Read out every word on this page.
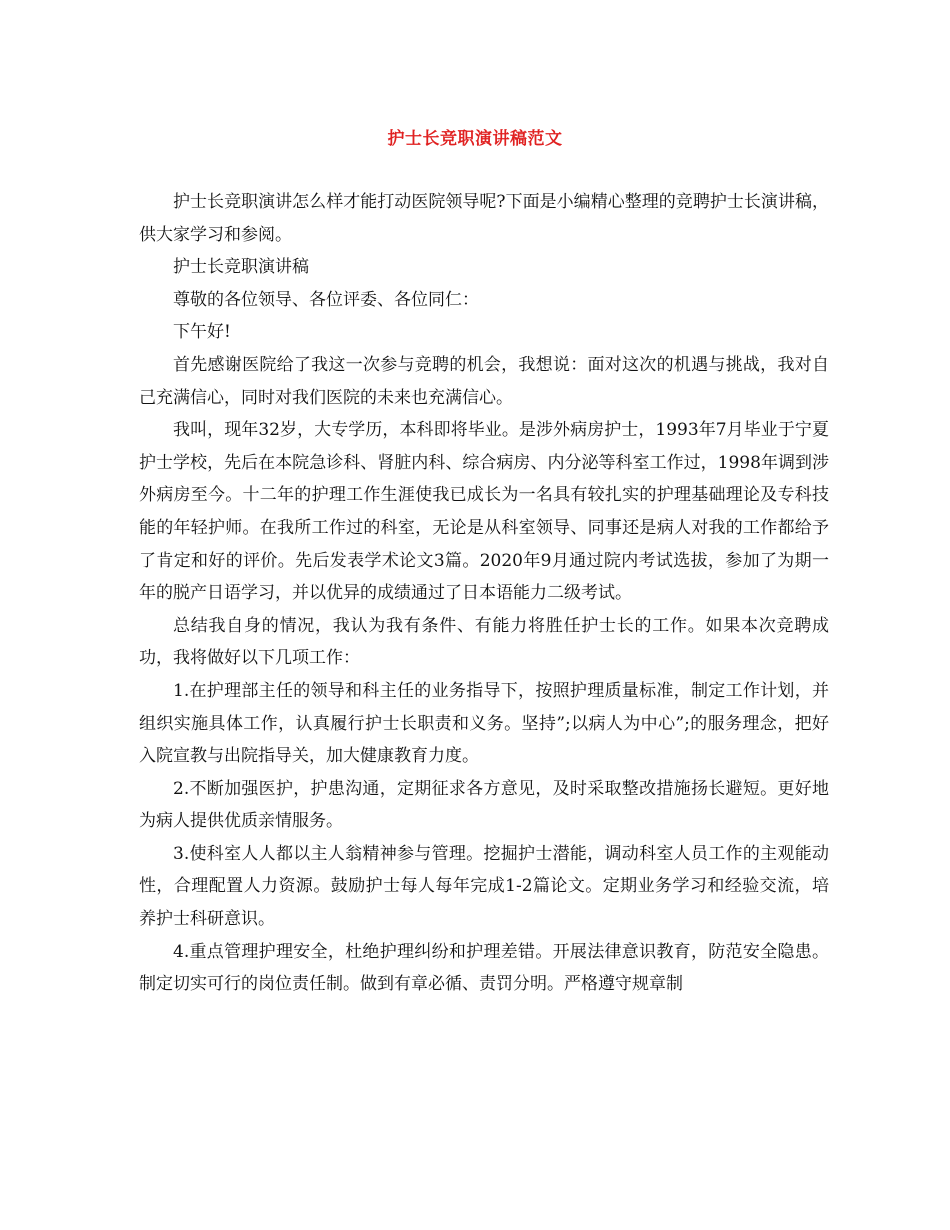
护士长竞职演讲稿范文

护士长竞职演讲怎么样才能打动医院领导呢?下面是小编精心整理的竞聘护士长演讲稿，供大家学习和参阅。

护士长竞职演讲稿

尊敬的各位领导、各位评委、各位同仁：

下午好!

首先感谢医院给了我这一次参与竞聘的机会，我想说：面对这次的机遇与挑战，我对自己充满信心，同时对我们医院的未来也充满信心。

我叫，现年32岁，大专学历，本科即将毕业。是涉外病房护士，1993年7月毕业于宁夏护士学校，先后在本院急诊科、肾脏内科、综合病房、内分泌等科室工作过，1998年调到涉外病房至今。十二年的护理工作生涯使我已成长为一名具有较扎实的护理基础理论及专科技能的年轻护师。在我所工作过的科室，无论是从科室领导、同事还是病人对我的工作都给予了肯定和好的评价。先后发表学术论文3篇。2020年9月通过院内考试选拔，参加了为期一年的脱产日语学习，并以优异的成绩通过了日本语能力二级考试。

总结我自身的情况，我认为我有条件、有能力将胜任护士长的工作。如果本次竞聘成功，我将做好以下几项工作：

1.在护理部主任的领导和科主任的业务指导下，按照护理质量标准，制定工作计划，并组织实施具体工作，认真履行护士长职责和义务。坚持”;以病人为中心”;的服务理念，把好入院宣教与出院指导关，加大健康教育力度。

2.不断加强医护，护患沟通，定期征求各方意见，及时采取整改措施扬长避短。更好地为病人提供优质亲情服务。

3.使科室人人都以主人翁精神参与管理。挖掘护士潜能，调动科室人员工作的主观能动性，合理配置人力资源。鼓励护士每人每年完成1-2篇论文。定期业务学习和经验交流，培养护士科研意识。

4.重点管理护理安全，杜绝护理纠纷和护理差错。开展法律意识教育，防范安全隐患。制定切实可行的岗位责任制。做到有章必循、责罚分明。严格遵守规章制
